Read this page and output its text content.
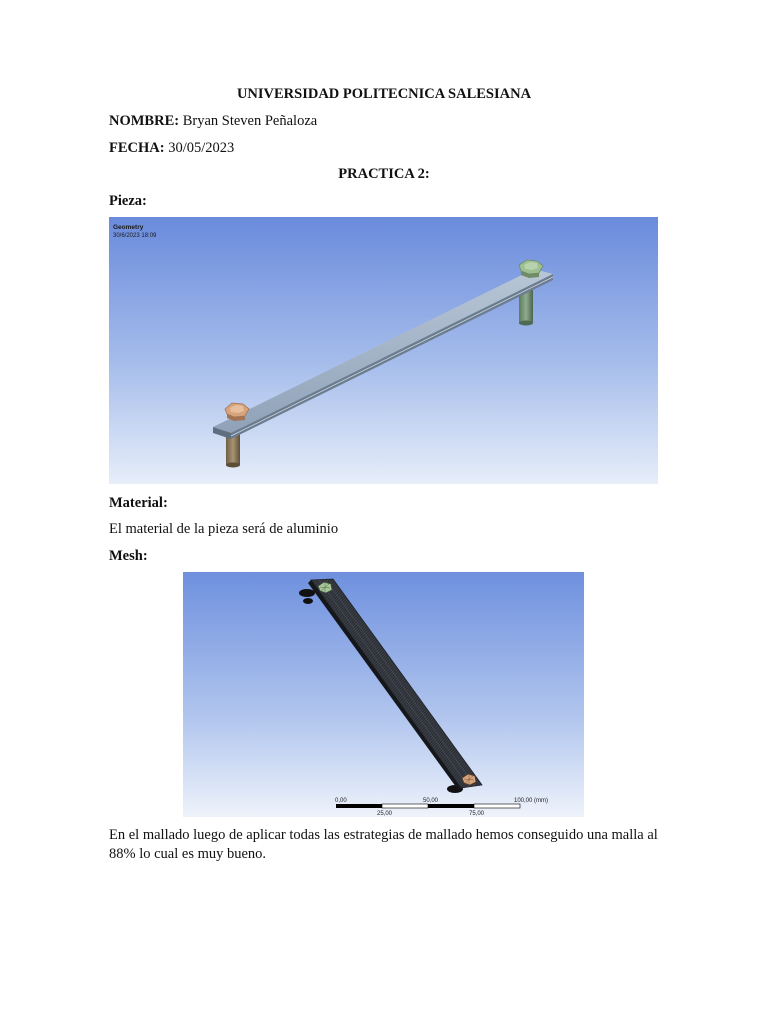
UNIVERSIDAD POLITECNICA SALESIANA
NOMBRE: Bryan Steven Peñaloza
FECHA: 30/05/2023
PRACTICA 2:
Pieza:
Geometry
30/6/2023 18:09
Material:
El material de la pieza será de aluminio
Mesh:
0,00	50,00	100,00 (mm)
25,00	75,00
En el mallado luego de aplicar todas las estrategias de mallado hemos conseguido una malla al 88% lo cual es muy bueno.
